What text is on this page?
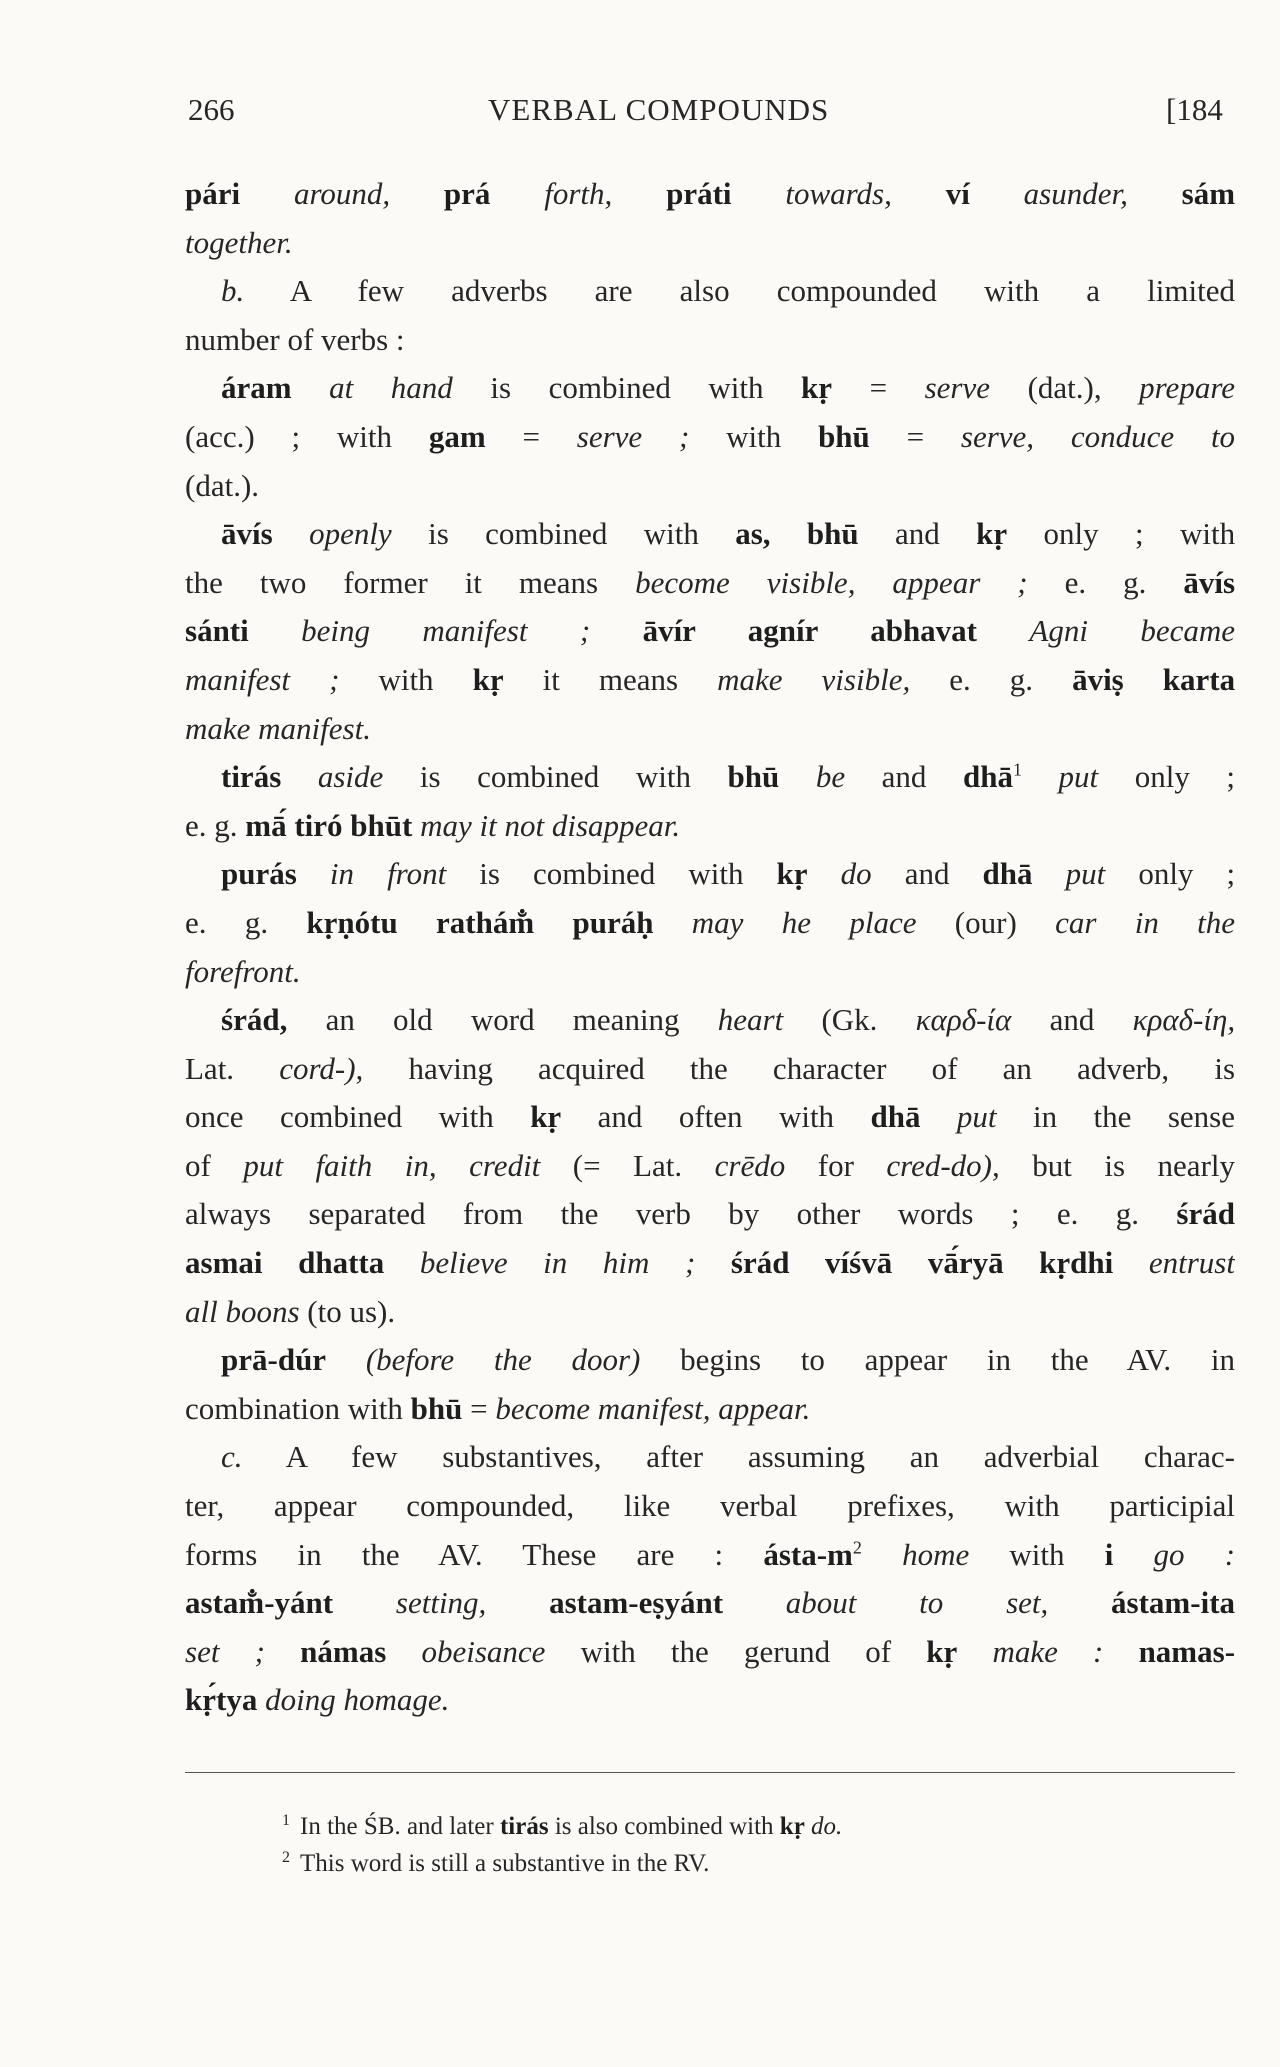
266	VERBAL COMPOUNDS	[184
pári around, prá forth, práti towards, ví asunder, sám
together.
b. A few adverbs are also compounded with a limited
number of verbs :
áram at hand is combined with kṛ = serve (dat.), prepare
(acc.) ; with gam = serve ; with bhū = serve, conduce to
(dat.).
āvís openly is combined with as, bhū and kṛ only ; with
the two former it means become visible, appear ; e. g. āvís
sánti being manifest ; āvír agnír abhavat Agni became
manifest ; with kṛ it means make visible, e. g. āviṣ karta
make manifest.
tirás aside is combined with bhū be and dhā$^1$ put only ;
e. g. mā́ tiró bhūt may it not disappear.
purás in front is combined with kṛ do and dhā put only ;
e. g. kṛṇótu rathám̐ puráḥ may he place (our) car in the
forefront.
śrád, an old word meaning heart (Gk. καρδ-ία and κραδ-ίη,
Lat. cord-), having acquired the character of an adverb, is
once combined with kṛ and often with dhā put in the sense
of put faith in, credit (= Lat. crēdo for cred-do), but is nearly
always separated from the verb by other words ; e. g. śrád
asmai dhatta believe in him ; śrád víśvā vā́ryā kṛdhi entrust
all boons (to us).
prā-dúr (before the door) begins to appear in the AV. in
combination with bhū = become manifest, appear.
c. A few substantives, after assuming an adverbial charac-
ter, appear compounded, like verbal prefixes, with participial
forms in the AV. These are : ásta-$m^2$ home with i go :
astam̐-yánt setting, astam-eṣyánt about to set, ástam-ita
set ; námas obeisance with the gerund of kṛ make : namas-
kṛ́tya doing homage.
$^1$ In the ŚB. and later tirás is also combined with kṛ do.
$^2$ This word is still a substantive in the RV.
